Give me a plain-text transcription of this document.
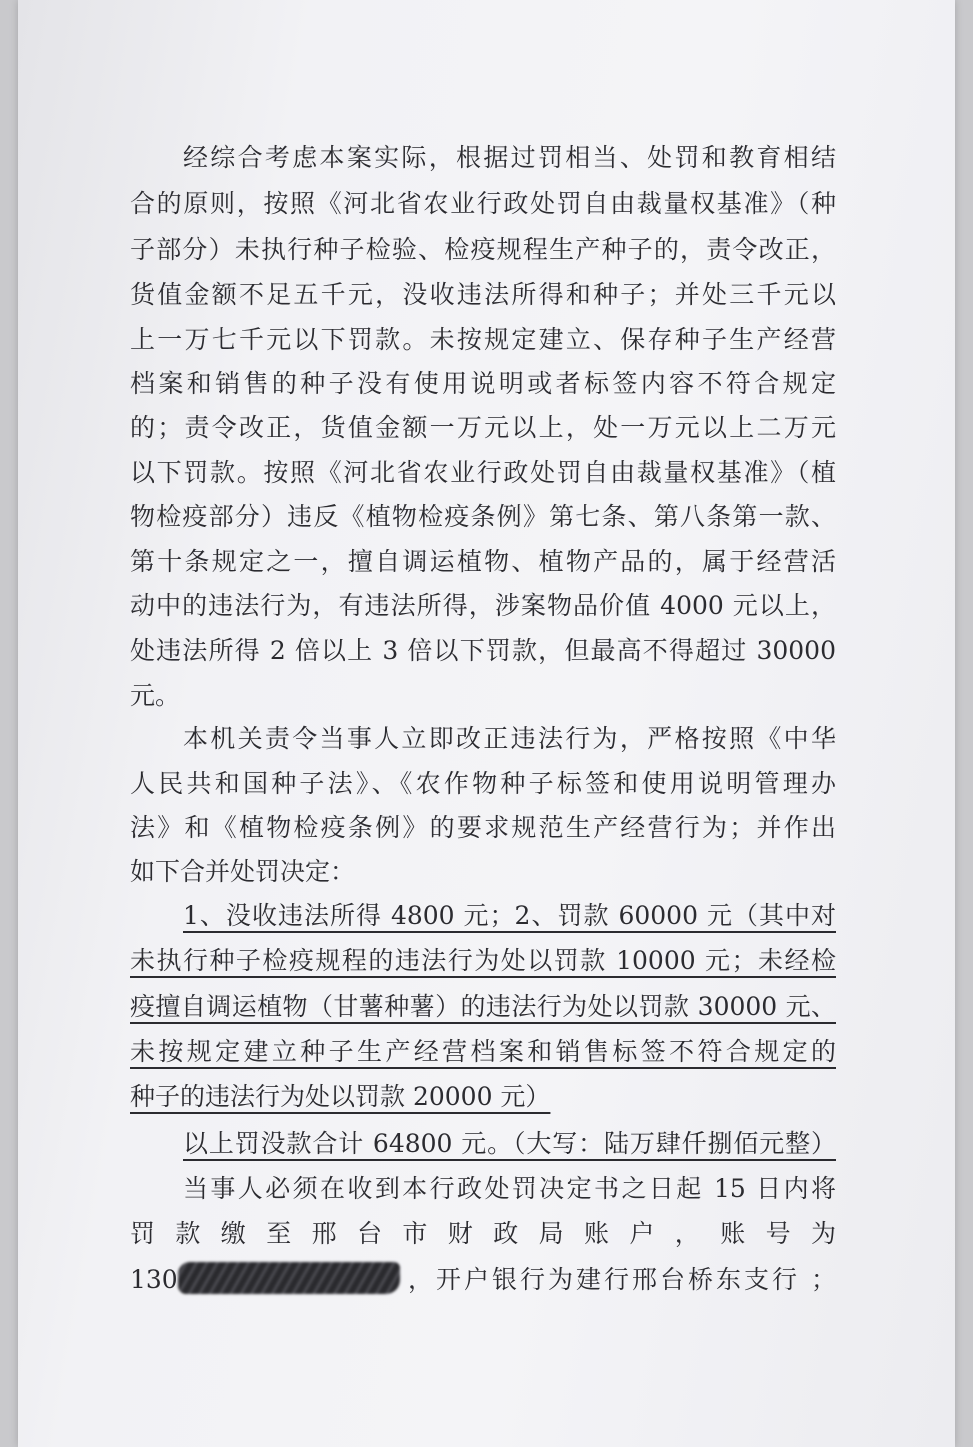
经综合考虑本案实际，根据过罚相当、处罚和教育相结
合的原则，按照《河北省农业行政处罚自由裁量权基准》（种
子部分）未执行种子检验、检疫规程生产种子的，责令改正，
货值金额不足五千元，没收违法所得和种子；并处三千元以
上一万七千元以下罚款。未按规定建立、保存种子生产经营
档案和销售的种子没有使用说明或者标签内容不符合规定
的；责令改正，货值金额一万元以上，处一万元以上二万元
以下罚款。按照《河北省农业行政处罚自由裁量权基准》（植
物检疫部分）违反《植物检疫条例》第七条、第八条第一款、
第十条规定之一，擅自调运植物、植物产品的，属于经营活
动中的违法行为，有违法所得，涉案物品价值 4000 元以上，
处违法所得 2 倍以上 3 倍以下罚款，但最高不得超过 30000
元。
本机关责令当事人立即改正违法行为，严格按照《中华
人民共和国种子法》、《农作物种子标签和使用说明管理办
法》和《植物检疫条例》的要求规范生产经营行为；并作出
如下合并处罚决定：
1、没收违法所得 4800 元；2、罚款 60000 元（其中对
未执行种子检疫规程的违法行为处以罚款 10000 元；未经检
疫擅自调运植物（甘薯种薯）的违法行为处以罚款 30000 元、
未按规定建立种子生产经营档案和销售标签不符合规定的
种子的违法行为处以罚款 20000 元）
以上罚没款合计 64800 元。（大写：陆万肆仟捌佰元整）
当事人必须在收到本行政处罚决定书之日起 15 日内将
罚款缴至邢台市财政局账户，账号为
130	，开户银行为建行邢台桥东支行 ；
